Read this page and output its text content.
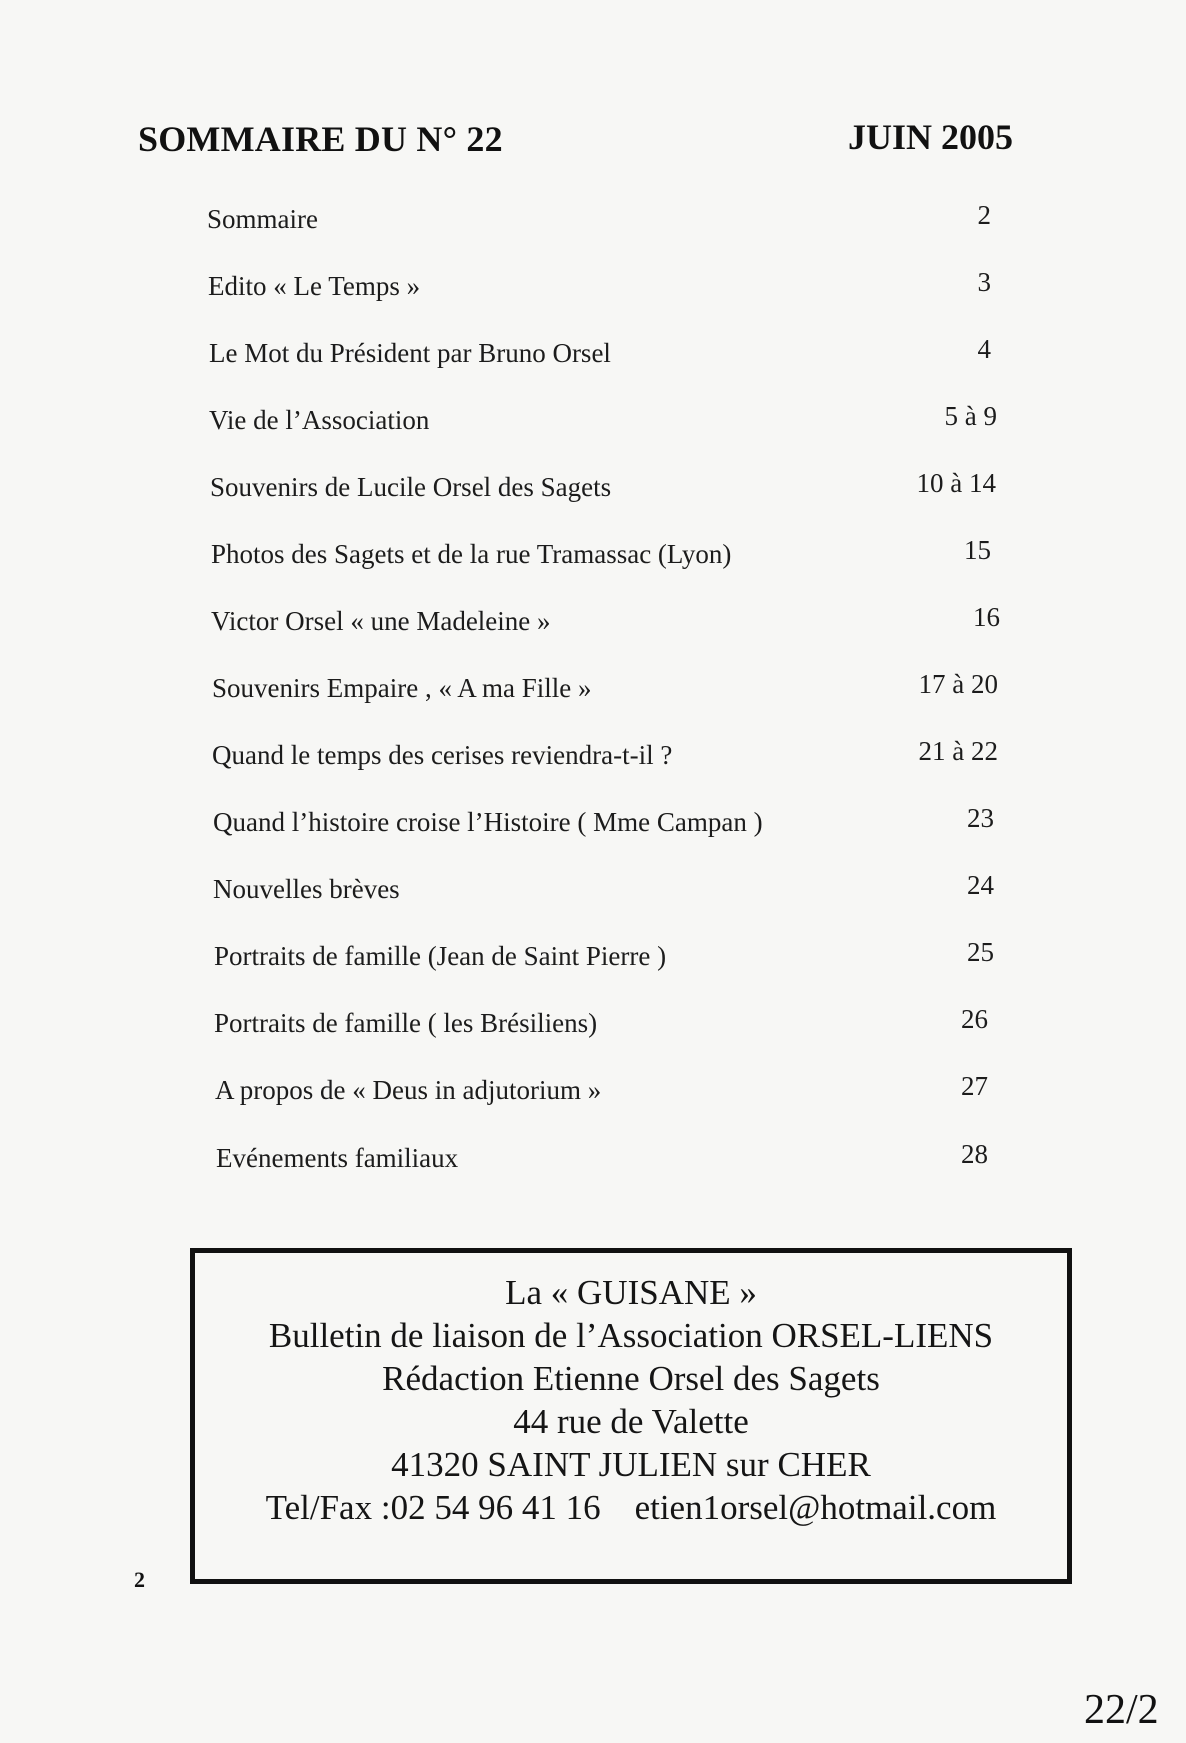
SOMMAIRE DU N° 22	JUIN 2005
Sommaire	2
Edito « Le Temps »	3
Le Mot du Président par Bruno Orsel	4
Vie de l’Association	5 à 9
Souvenirs de Lucile Orsel des Sagets	10 à 14
Photos des Sagets et de la rue Tramassac (Lyon)	15
Victor Orsel « une Madeleine »	16
Souvenirs Empaire , « A ma Fille »	17 à 20
Quand le temps des cerises reviendra-t-il ?	21 à 22
Quand l’histoire croise l’Histoire ( Mme Campan )	23
Nouvelles brèves	24
Portraits de famille (Jean de Saint Pierre )	25
Portraits de famille ( les Brésiliens)	26
A propos de « Deus in adjutorium »	27
Evénements familiaux	28
La « GUISANE »
Bulletin de liaison de l’Association ORSEL-LIENS
Rédaction Etienne Orsel des Sagets
44 rue de Valette
41320 SAINT JULIEN sur CHER
Tel/Fax :02 54 96 41 16 etien1orsel@hotmail.com
2
22/2
